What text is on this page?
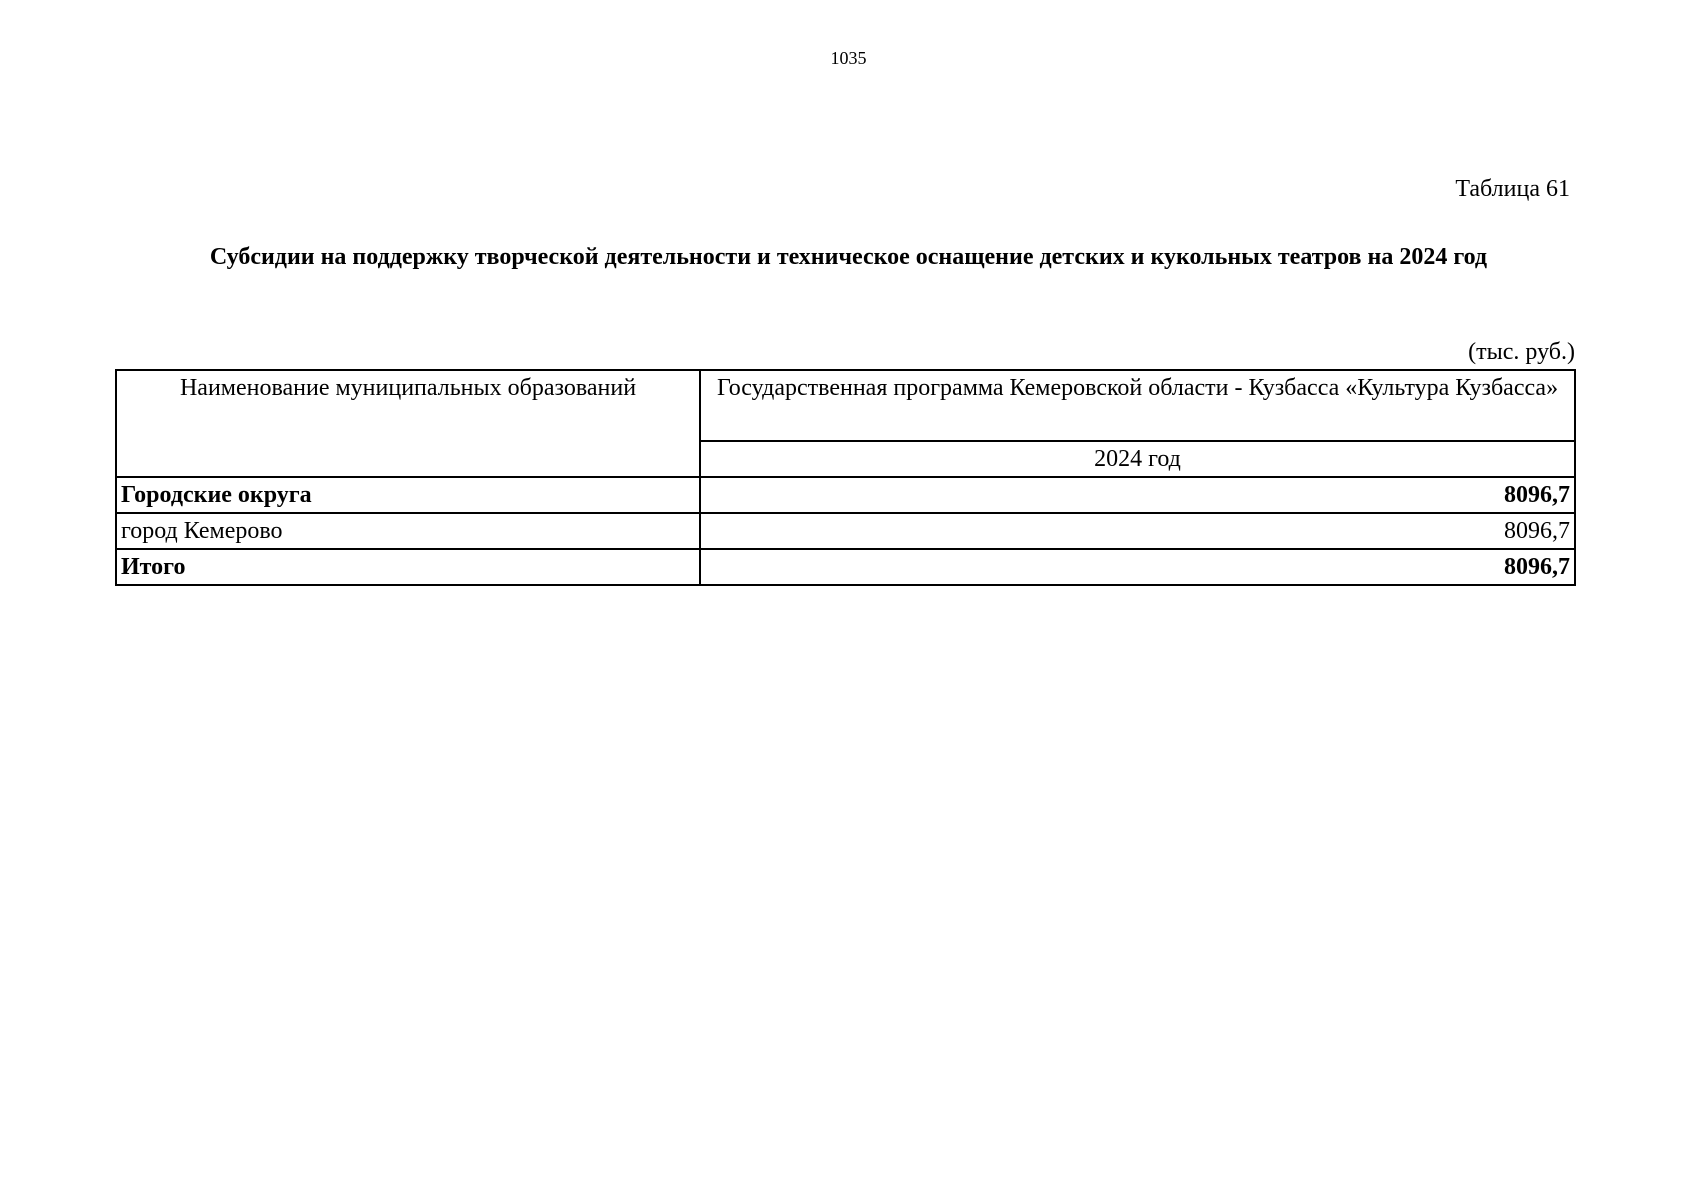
1035
Таблица 61
Субсидии на поддержку творческой деятельности и техническое оснащение детских и кукольных театров на 2024 год
(тыс. руб.)
Наименование муниципальных образований	Государственная программа Кемеровской области - Кузбасса «Культура Кузбасса»
	2024 год
Городские округа	8096,7
город Кемерово	8096,7
Итого	8096,7
